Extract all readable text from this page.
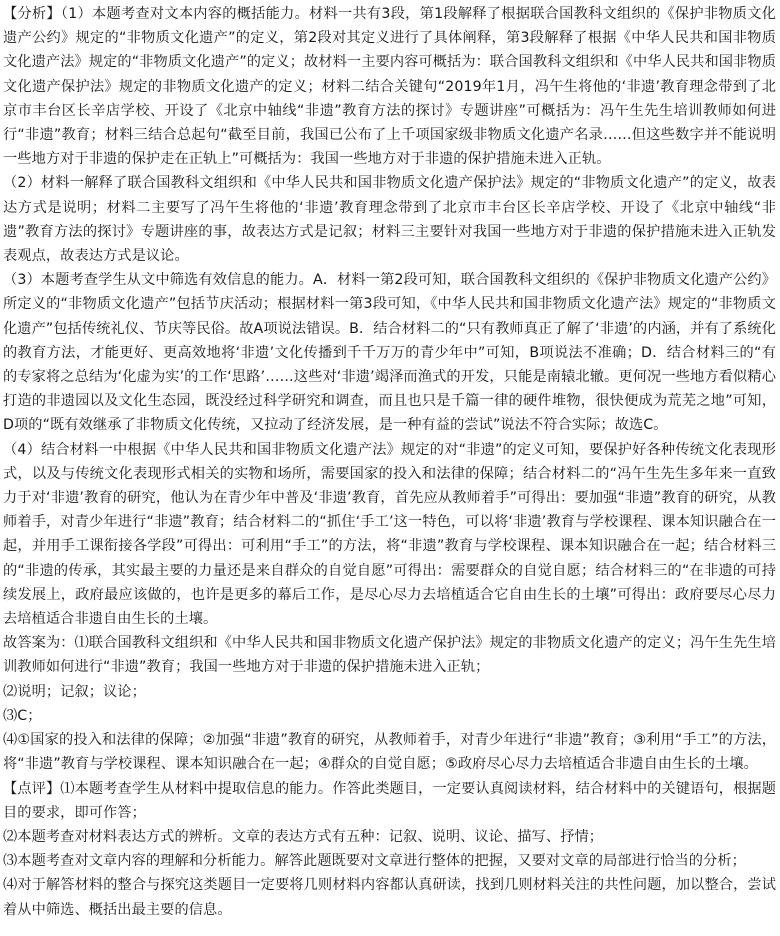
【分析】（1）本题考查对文本内容的概括能力。材料一共有3段，第1段解释了根据联合国教科文组织的《保护非物质文化遗产公约》规定的“非物质文化遗产”的定义，第2段对其定义进行了具体阐释，第3段解释了根据《中华人民共和国非物质文化遗产法》规定的“非物质文化遗产”的定义；故材料一主要内容可概括为：联合国教科文组织和《中华人民共和国非物质文化遗产保护法》规定的非物质文化遗产的定义；材料二结合关键句“2019年1月，冯午生将他的‘非遗’教育理念带到了北京市丰台区长辛店学校、开设了《北京中轴线“非遗”教育方法的探讨》专题讲座”可概括为：冯午生先生培训教师如何进行“非遗”教育；材料三结合总起句“截至目前，我国已公布了上千项国家级非物质文化遗产名录……但这些数字并不能说明一些地方对于非遗的保护走在正轨上”可概括为：我国一些地方对于非遗的保护措施未进入正轨。

（2）材料一解释了联合国教科文组织和《中华人民共和国非物质文化遗产保护法》规定的“非物质文化遗产”的定义，故表达方式是说明；材料二主要写了冯午生将他的‘非遗’教育理念带到了北京市丰台区长辛店学校、开设了《北京中轴线“非遗”教育方法的探讨》专题讲座的事，故表达方式是记叙；材料三主要针对我国一些地方对于非遗的保护措施未进入正轨发表观点，故表达方式是议论。

（3）本题考查学生从文中筛选有效信息的能力。A．材料一第2段可知，联合国教科文组织的《保护非物质文化遗产公约》所定义的“非物质文化遗产”包括节庆活动；根据材料一第3段可知，《中华人民共和国非物质文化遗产法》规定的“非物质文化遗产”包括传统礼仪、节庆等民俗。故A项说法错误。B．结合材料二的“只有教师真正了解了‘非遗’的内涵，并有了系统化的教育方法，才能更好、更高效地将‘非遗’文化传播到千千万万的青少年中”可知，B项说法不准确；D．结合材料三的“有的专家将之总结为‘化虚为实’的工作‘思路’……这些对‘非遗’竭泽而渔式的开发，只能是南辕北辙。更何况一些地方看似精心打造的非遗园以及文化生态园，既没经过科学研究和调查，而且也只是千篇一律的硬件堆物，很快便成为荒芜之地”可知，D项的“既有效继承了非物质文化传统，又拉动了经济发展，是一种有益的尝试”说法不符合实际；故选C。

（4）结合材料一中根据《中华人民共和国非物质文化遗产法》规定的对“非遗”的定义可知，要保护好各种传统文化表现形式，以及与传统文化表现形式相关的实物和场所，需要国家的投入和法律的保障；结合材料二的“冯午生先生多年来一直致力于对‘非遗’教育的研究，他认为在青少年中普及‘非遗’教育，首先应从教师着手”可得出：要加强“非遗”教育的研究，从教师着手，对青少年进行“非遗”教育；结合材料二的“抓住‘手工’这一特色，可以将‘非遗’教育与学校课程、课本知识融合在一起，并用手工课衔接各学段”可得出：可利用“手工”的方法，将“非遗”教育与学校课程、课本知识融合在一起；结合材料三的“非遗的传承，其实最主要的力量还是来自群众的自觉自愿”可得出：需要群众的自觉自愿；结合材料三的“在非遗的可持续发展上，政府最应该做的，也许是更多的幕后工作，是尽心尽力去培植适合它自由生长的土壤”可得出：政府要尽心尽力去培植适合非遗自由生长的土壤。

故答案为：⑴联合国教科文组织和《中华人民共和国非物质文化遗产保护法》规定的非物质文化遗产的定义；冯午生先生培训教师如何进行“非遗”教育；我国一些地方对于非遗的保护措施未进入正轨；

⑵说明；记叙；议论；

⑶C；

⑷①国家的投入和法律的保障；②加强“非遗”教育的研究，从教师着手，对青少年进行“非遗”教育；③利用“手工”的方法，将“非遗”教育与学校课程、课本知识融合在一起；④群众的自觉自愿；⑤政府尽心尽力去培植适合非遗自由生长的土壤。

【点评】⑴本题考查学生从材料中提取信息的能力。作答此类题目，一定要认真阅读材料，结合材料中的关键语句，根据题目的要求，即可作答；

⑵本题考查对材料表达方式的辨析。文章的表达方式有五种：记叙、说明、议论、描写、抒情；

⑶本题考查对文章内容的理解和分析能力。解答此题既要对文章进行整体的把握，又要对文章的局部进行恰当的分析；

⑷对于解答材料的整合与探究这类题目一定要将几则材料内容都认真研读，找到几则材料关注的共性问题，加以整合，尝试着从中筛选、概括出最主要的信息。
